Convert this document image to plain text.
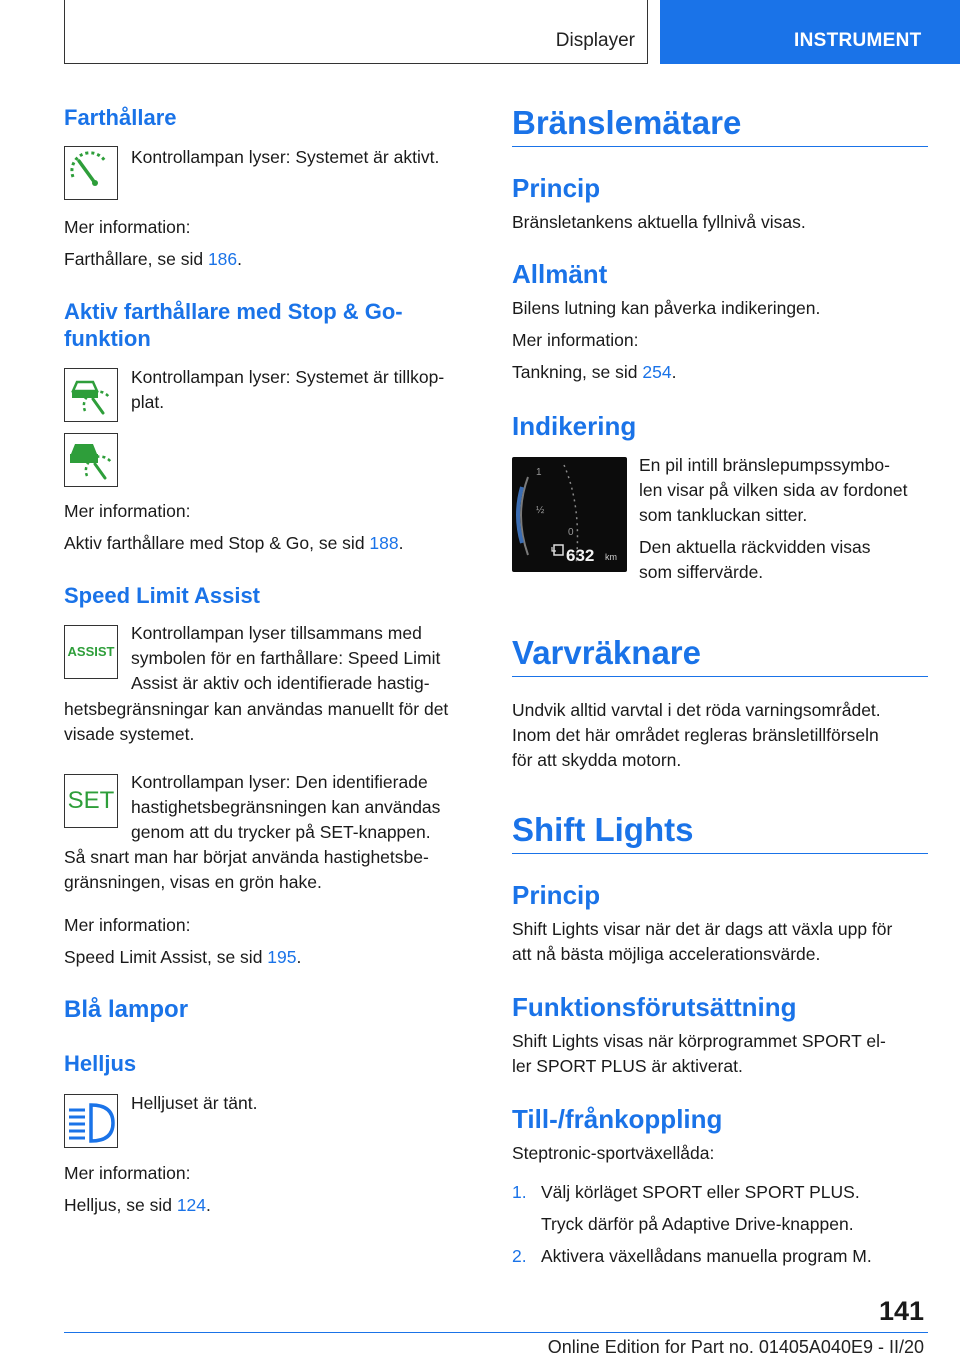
Displayer	INSTRUMENT
Farthållare
Kontrollampan lyser: Systemet är aktivt.
Mer information:
Farthållare, se sid 186.
Aktiv farthållare med Stop & Go-
funktion
Kontrollampan lyser: Systemet är tillkop‐
plat.
Mer information:
Aktiv farthållare med Stop & Go, se sid 188.
Speed Limit Assist
ASSIST
Kontrollampan lyser tillsammans med
symbolen för en farthållare: Speed Limit
Assist är aktiv och identifierade hastig‐
hetsbegränsningar kan användas manuellt för det
visade systemet.
SET
Kontrollampan lyser: Den identifierade
hastighetsbegränsningen kan användas
genom att du trycker på SET-knappen.
Så snart man har börjat använda hastighetsbe‐
gränsningen, visas en grön hake.
Mer information:
Speed Limit Assist, se sid 195.
Blå lampor
Helljus
Helljuset är tänt.
Mer information:
Helljus, se sid 124.
Bränslemätare
Princip
Bränsletankens aktuella fyllnivå visas.
Allmänt
Bilens lutning kan påverka indikeringen.
Mer information:
Tankning, se sid 254.
Indikering
1
½
0
632 km
En pil intill bränslepumpssymbo‐
len visar på vilken sida av fordonet
som tankluckan sitter.
Den aktuella räckvidden visas
som siffervärde.
Varvräknare
Undvik alltid varvtal i det röda varningsområdet.
Inom det här området regleras bränsletillförseln
för att skydda motorn.
Shift Lights
Princip
Shift Lights visar när det är dags att växla upp för
att nå bästa möjliga accelerationsvärde.
Funktionsförutsättning
Shift Lights visas när körprogrammet SPORT el‐
ler SPORT PLUS är aktiverat.
Till-/frånkoppling
Steptronic-sportväxellåda:
1. Välj körläget SPORT eller SPORT PLUS.
Tryck därför på Adaptive Drive-knappen.
2. Aktivera växellådans manuella program M.
141
Online Edition for Part no. 01405A040E9 - II/20
